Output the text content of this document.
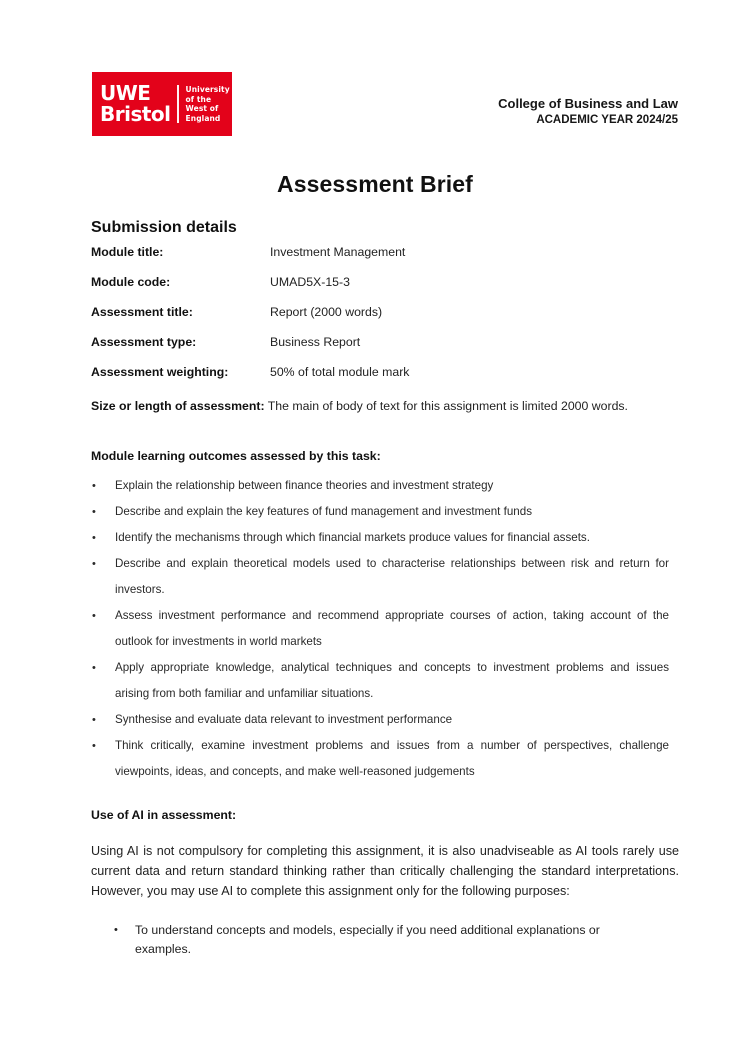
UWE
Bristol
University
of the
West of
England
College of Business and Law
ACADEMIC YEAR 2024/25
Assessment Brief
Submission details
Module title:	Investment Management
Module code:	UMAD5X-15-3
Assessment title:	Report (2000 words)
Assessment type:	Business Report
Assessment weighting:	50% of total module mark
Size or length of assessment: The main of body of text for this assignment is limited 2000 words.
Module learning outcomes assessed by this task:
• Explain the relationship between finance theories and investment strategy
• Describe and explain the key features of fund management and investment funds
• Identify the mechanisms through which financial markets produce values for financial assets.
• Describe and explain theoretical models used to characterise relationships between risk and return for investors.
• Assess investment performance and recommend appropriate courses of action, taking account of the outlook for investments in world markets
• Apply appropriate knowledge, analytical techniques and concepts to investment problems and issues arising from both familiar and unfamiliar situations.
• Synthesise and evaluate data relevant to investment performance
• Think critically, examine investment problems and issues from a number of perspectives, challenge viewpoints, ideas, and concepts, and make well-reasoned judgements
Use of AI in assessment:
Using AI is not compulsory for completing this assignment, it is also unadviseable as AI tools rarely use current data and return standard thinking rather than critically challenging the standard interpretations. However, you may use AI to complete this assignment only for the following purposes:
• To understand concepts and models, especially if you need additional explanations or examples.
